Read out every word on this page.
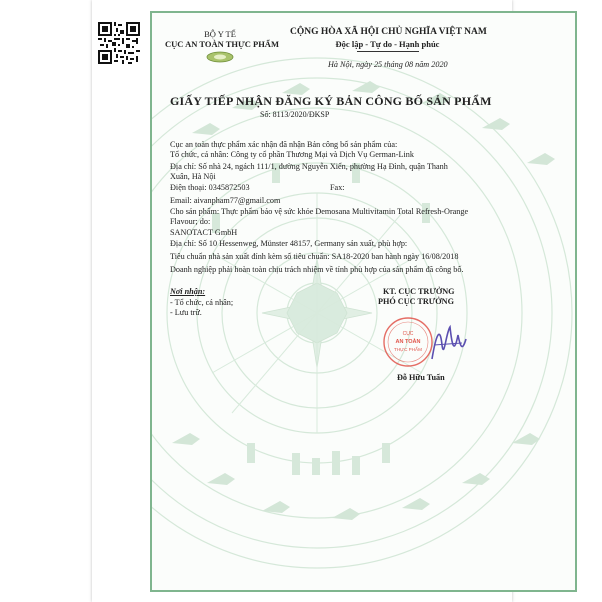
BỘ Y TẾ
CỤC AN TOÀN THỰC PHẨM
CỘNG HÒA XÃ HỘI CHỦ NGHĨA VIỆT NAM
Độc lập - Tự do - Hạnh phúc
Hà Nội, ngày 25 tháng 08 năm 2020
GIẤY TIẾP NHẬN ĐĂNG KÝ BẢN CÔNG BỐ SẢN PHẨM
Số: 8113/2020/ĐKSP
Cục an toàn thực phẩm xác nhận đã nhận Bản công bố sản phẩm của:
Tổ chức, cá nhân: Công ty cổ phần Thương Mại và Dịch Vụ German-Link
Địa chỉ: Số nhà 24, ngách 111/1, đường Nguyễn Xiển, phường Hạ Đình, quận Thanh
Xuân, Hà Nội
Điện thoại: 0345872503	Fax:
Email: aivanpham77@gmail.com
Cho sản phẩm: Thực phẩm bảo vệ sức khỏe Demosana Multivitamin Total Refresh-Orange
Flavour; do:
SANOTACT GmbH
Địa chỉ: Số 10 Hessenweg, Münster 48157, Germany sản xuất, phù hợp:
Tiêu chuẩn nhà sản xuất đính kèm số tiêu chuẩn: SA18-2020 ban hành ngày 16/08/2018
Doanh nghiệp phải hoàn toàn chịu trách nhiệm về tính phù hợp của sản phẩm đã công bố.
Nơi nhận:
- Tổ chức, cá nhân;
- Lưu trữ.
KT. CỤC TRƯỞNG
PHÓ CỤC TRƯỞNG
CỤC
AN TOÀN
THỰC PHẨM
Đỗ Hữu Tuấn
